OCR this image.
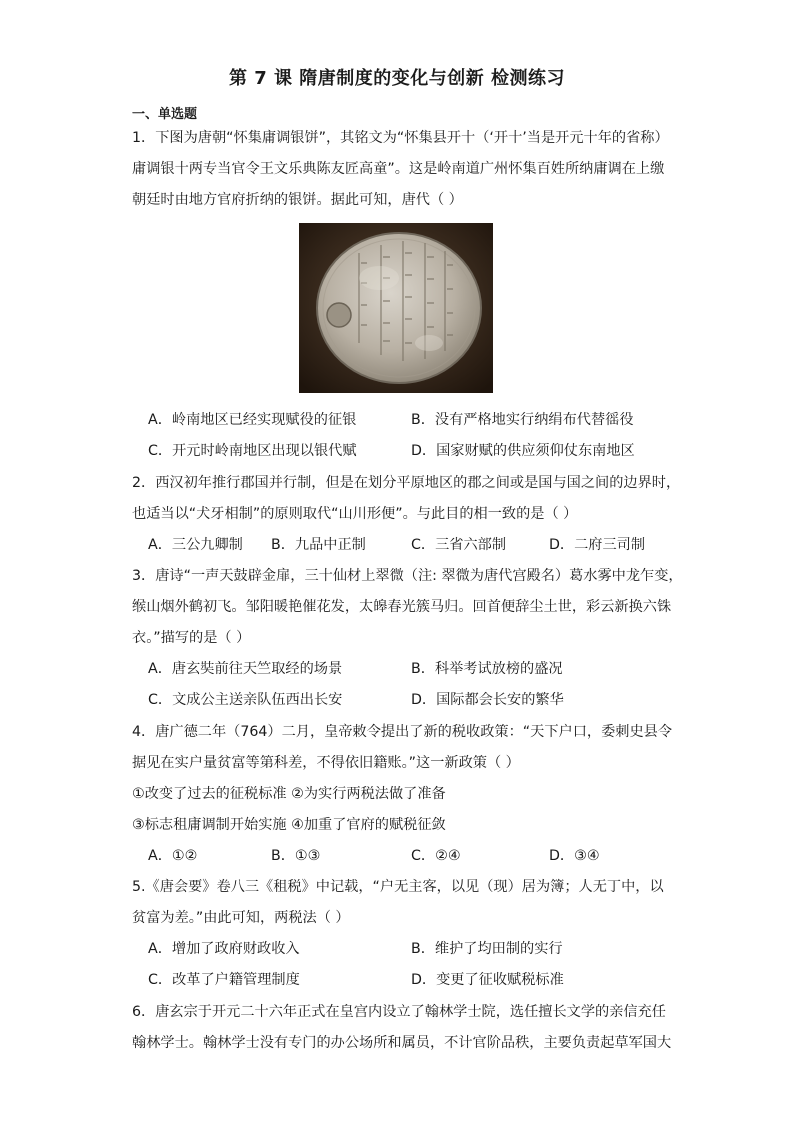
第 7 课 隋唐制度的变化与创新 检测练习
一、单选题
1．下图为唐朝“怀集庸调银饼”，其铭文为“怀集县开十（‘开十’当是开元十年的省称）
庸调银十两专当官令王文乐典陈友匠高童”。这是岭南道广州怀集百姓所纳庸调在上缴
朝廷时由地方官府折纳的银饼。据此可知，唐代（ ）
A．岭南地区已经实现赋役的征银	B．没有严格地实行纳绢布代替徭役
C．开元时岭南地区出现以银代赋	D．国家财赋的供应须仰仗东南地区
2．西汉初年推行郡国并行制，但是在划分平原地区的郡之间或是国与国之间的边界时，
也适当以“犬牙相制”的原则取代“山川形便”。与此目的相一致的是（ ）
A．三公九卿制 B．九品中正制	C．三省六部制	D．二府三司制
3．唐诗“一声天鼓辟金扉，三十仙材上翠微（注: 翠微为唐代宫殿名）葛水雾中龙乍变，
缑山烟外鹤初飞。邹阳暖艳催花发，太皞春光簇马归。回首便辞尘土世，彩云新换六铢
衣。”描写的是（ ）
A．唐玄奘前往天竺取经的场景	B．科举考试放榜的盛况
C．文成公主送亲队伍西出长安	D．国际都会长安的繁华
4．唐广德二年（764）二月，皇帝敕令提出了新的税收政策：“天下户口，委刺史县令
据见在实户量贫富等第科差，不得依旧籍账。”这一新政策（ ）
①改变了过去的征税标准 ②为实行两税法做了准备
③标志租庸调制开始实施 ④加重了官府的赋税征敛
A．①②	B．①③	C．②④	D．③④
5.《唐会要》卷八三《租税》中记载，“户无主客，以见（现）居为簿；人无丁中，以
贫富为差。”由此可知，两税法（ ）
A．增加了政府财政收入	B．维护了均田制的实行
C．改革了户籍管理制度	D．变更了征收赋税标准
6．唐玄宗于开元二十六年正式在皇宫内设立了翰林学士院，选任擅长文学的亲信充任
翰林学士。翰林学士没有专门的办公场所和属员，不计官阶品秩，主要负责起草军国大
